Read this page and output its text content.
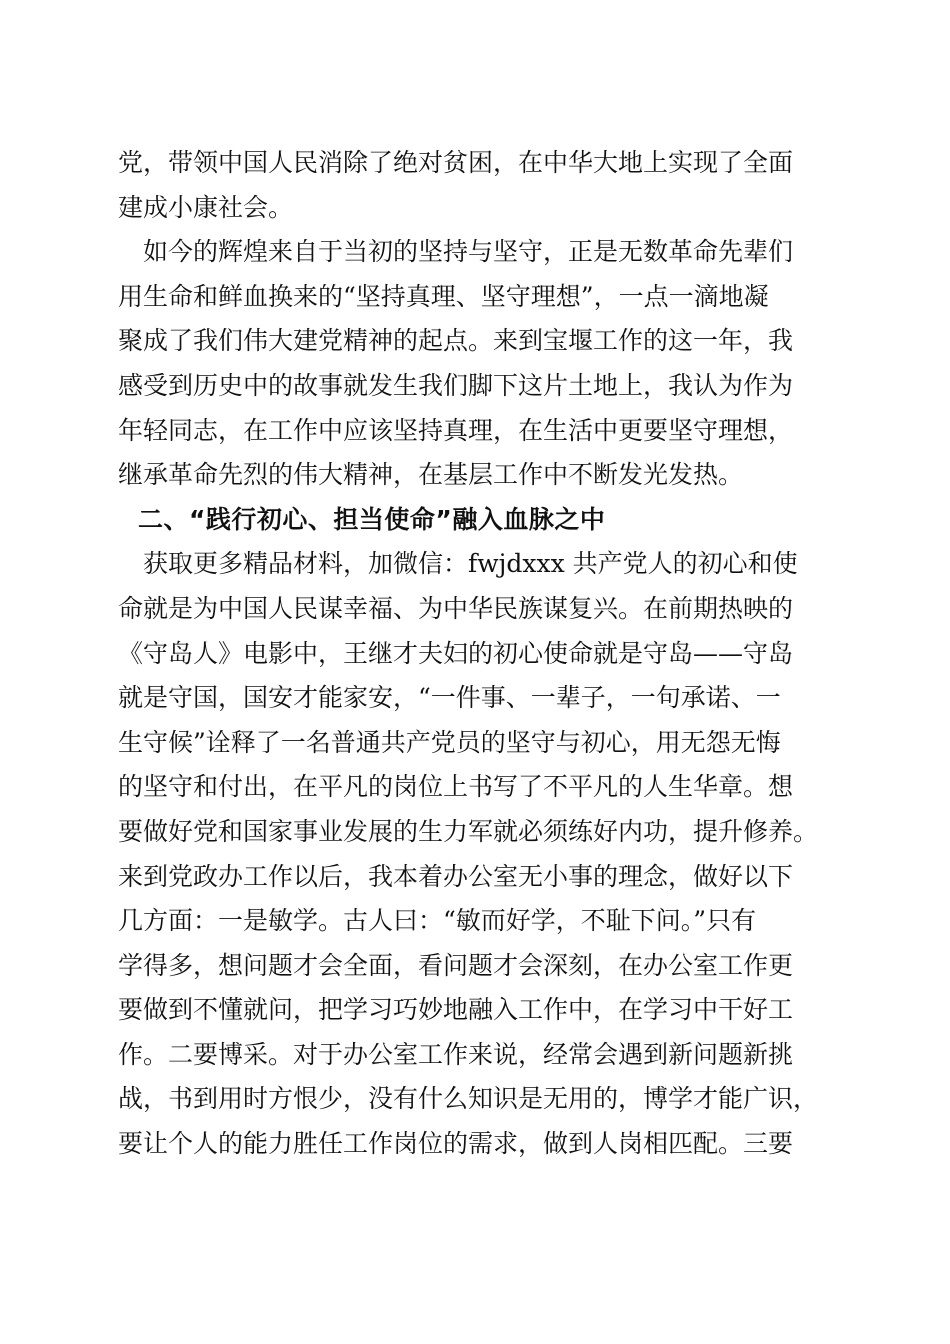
党，带领中国人民消除了绝对贫困，在中华大地上实现了全面
建成小康社会。
　如今的辉煌来自于当初的坚持与坚守，正是无数革命先辈们
用生命和鲜血换来的“坚持真理、坚守理想”，一点一滴地凝
聚成了我们伟大建党精神的起点。来到宝堰工作的这一年，我
感受到历史中的故事就发生我们脚下这片土地上，我认为作为
年轻同志，在工作中应该坚持真理，在生活中更要坚守理想，
继承革命先烈的伟大精神，在基层工作中不断发光发热。
二、“践行初心、担当使命”融入血脉之中
　获取更多精品材料，加微信：fwjdxxx 共产党人的初心和使
命就是为中国人民谋幸福、为中华民族谋复兴。在前期热映的
《守岛人》电影中，王继才夫妇的初心使命就是守岛——守岛
就是守国，国安才能家安，“一件事、一辈子，一句承诺、一
生守候”诠释了一名普通共产党员的坚守与初心，用无怨无悔
的坚守和付出，在平凡的岗位上书写了不平凡的人生华章。想
要做好党和国家事业发展的生力军就必须练好内功，提升修养。
来到党政办工作以后，我本着办公室无小事的理念，做好以下
几方面：一是敏学。古人曰：“敏而好学，不耻下问。”只有
学得多，想问题才会全面，看问题才会深刻，在办公室工作更
要做到不懂就问，把学习巧妙地融入工作中，在学习中干好工
作。二要博采。对于办公室工作来说，经常会遇到新问题新挑
战，书到用时方恨少，没有什么知识是无用的，博学才能广识，
要让个人的能力胜任工作岗位的需求，做到人岗相匹配。三要
